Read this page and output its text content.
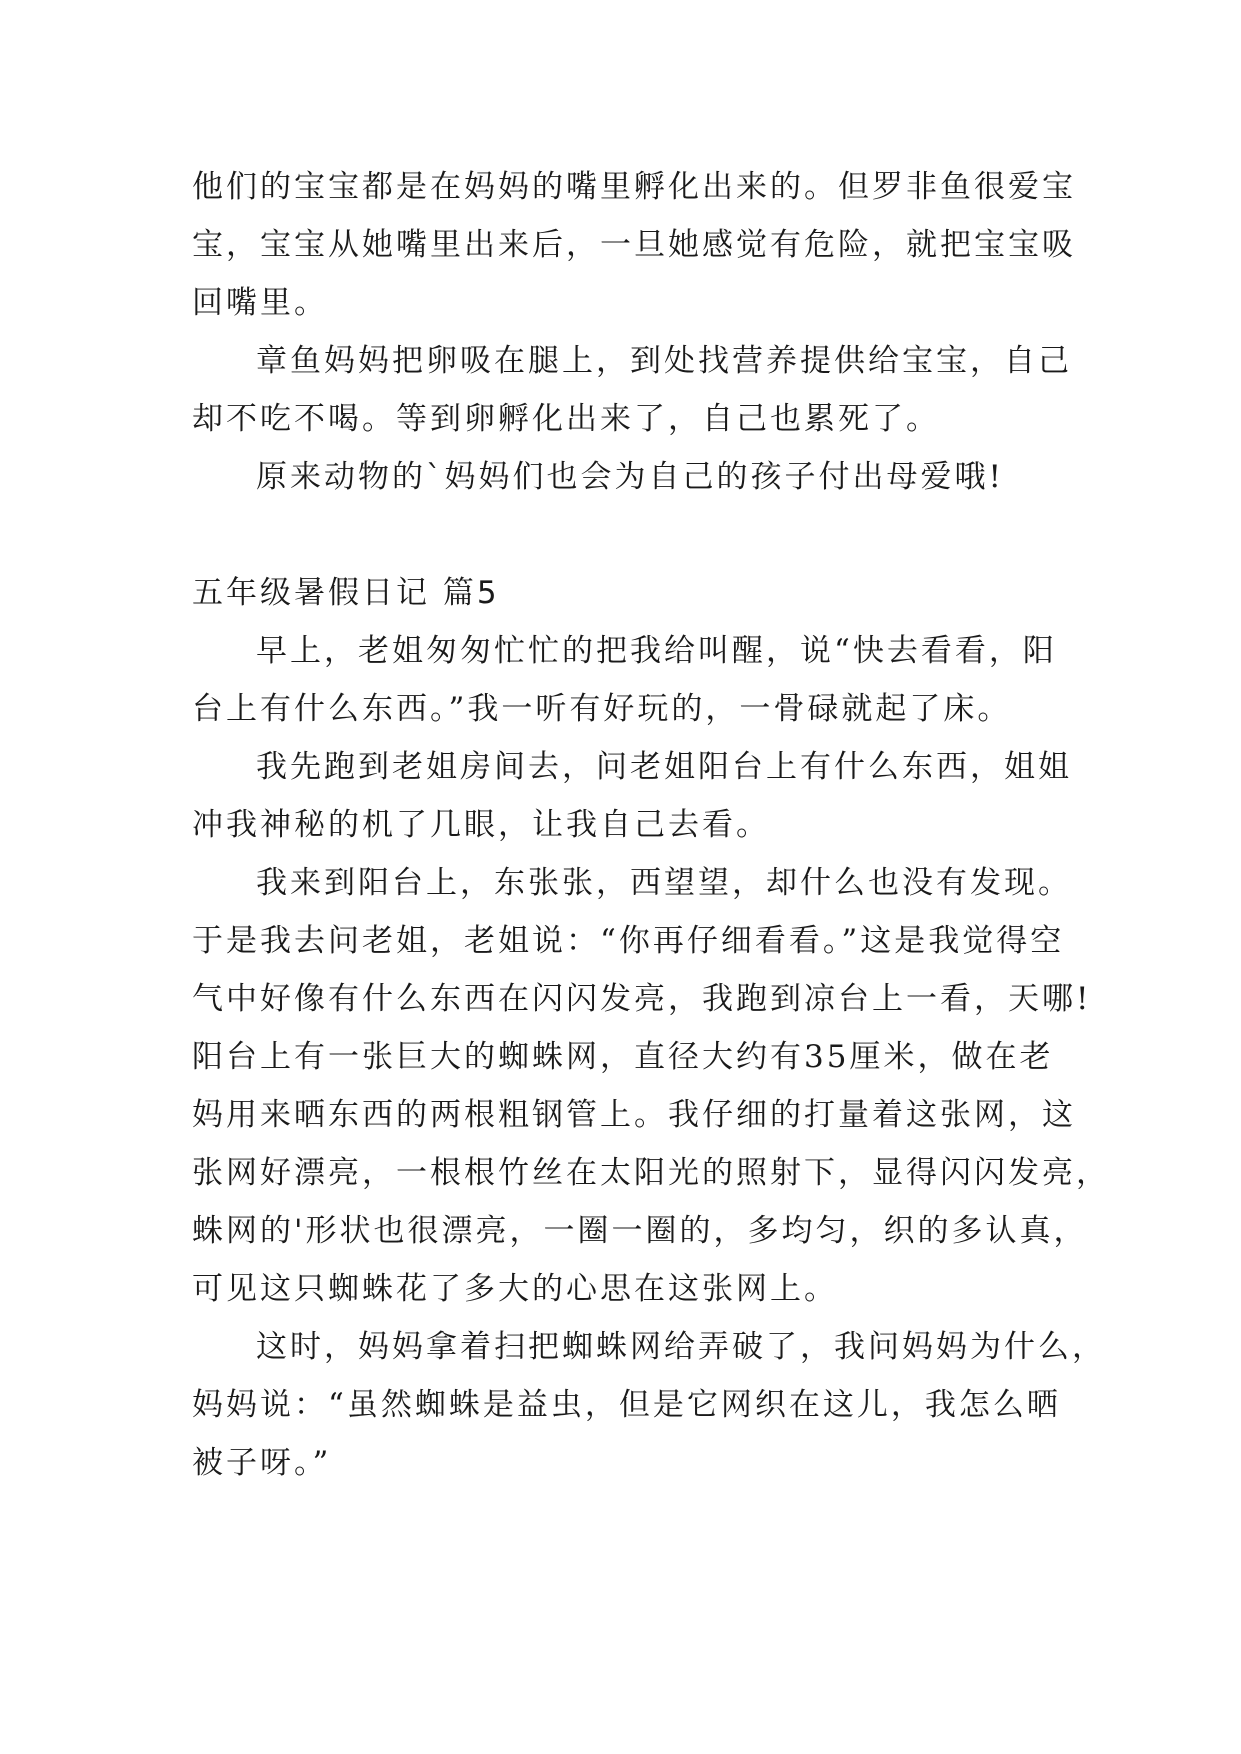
他们的宝宝都是在妈妈的嘴里孵化出来的。但罗非鱼很爱宝
宝，宝宝从她嘴里出来后，一旦她感觉有危险，就把宝宝吸
回嘴里。
章鱼妈妈把卵吸在腿上，到处找营养提供给宝宝，自己
却不吃不喝。等到卵孵化出来了，自己也累死了。
原来动物的`妈妈们也会为自己的孩子付出母爱哦!
五年级暑假日记 篇5
早上，老姐匆匆忙忙的把我给叫醒，说“快去看看，阳
台上有什么东西。”我一听有好玩的，一骨碌就起了床。
我先跑到老姐房间去，问老姐阳台上有什么东西，姐姐
冲我神秘的机了几眼，让我自己去看。
我来到阳台上，东张张，西望望，却什么也没有发现。
于是我去问老姐，老姐说：“你再仔细看看。”这是我觉得空
气中好像有什么东西在闪闪发亮，我跑到凉台上一看，天哪!
阳台上有一张巨大的蜘蛛网，直径大约有35厘米，做在老
妈用来晒东西的两根粗钢管上。我仔细的打量着这张网，这
张网好漂亮，一根根竹丝在太阳光的照射下，显得闪闪发亮，
蛛网的'形状也很漂亮，一圈一圈的，多均匀，织的多认真，
可见这只蜘蛛花了多大的心思在这张网上。
这时，妈妈拿着扫把蜘蛛网给弄破了，我问妈妈为什么，
妈妈说：“虽然蜘蛛是益虫，但是它网织在这儿，我怎么晒
被子呀。”
